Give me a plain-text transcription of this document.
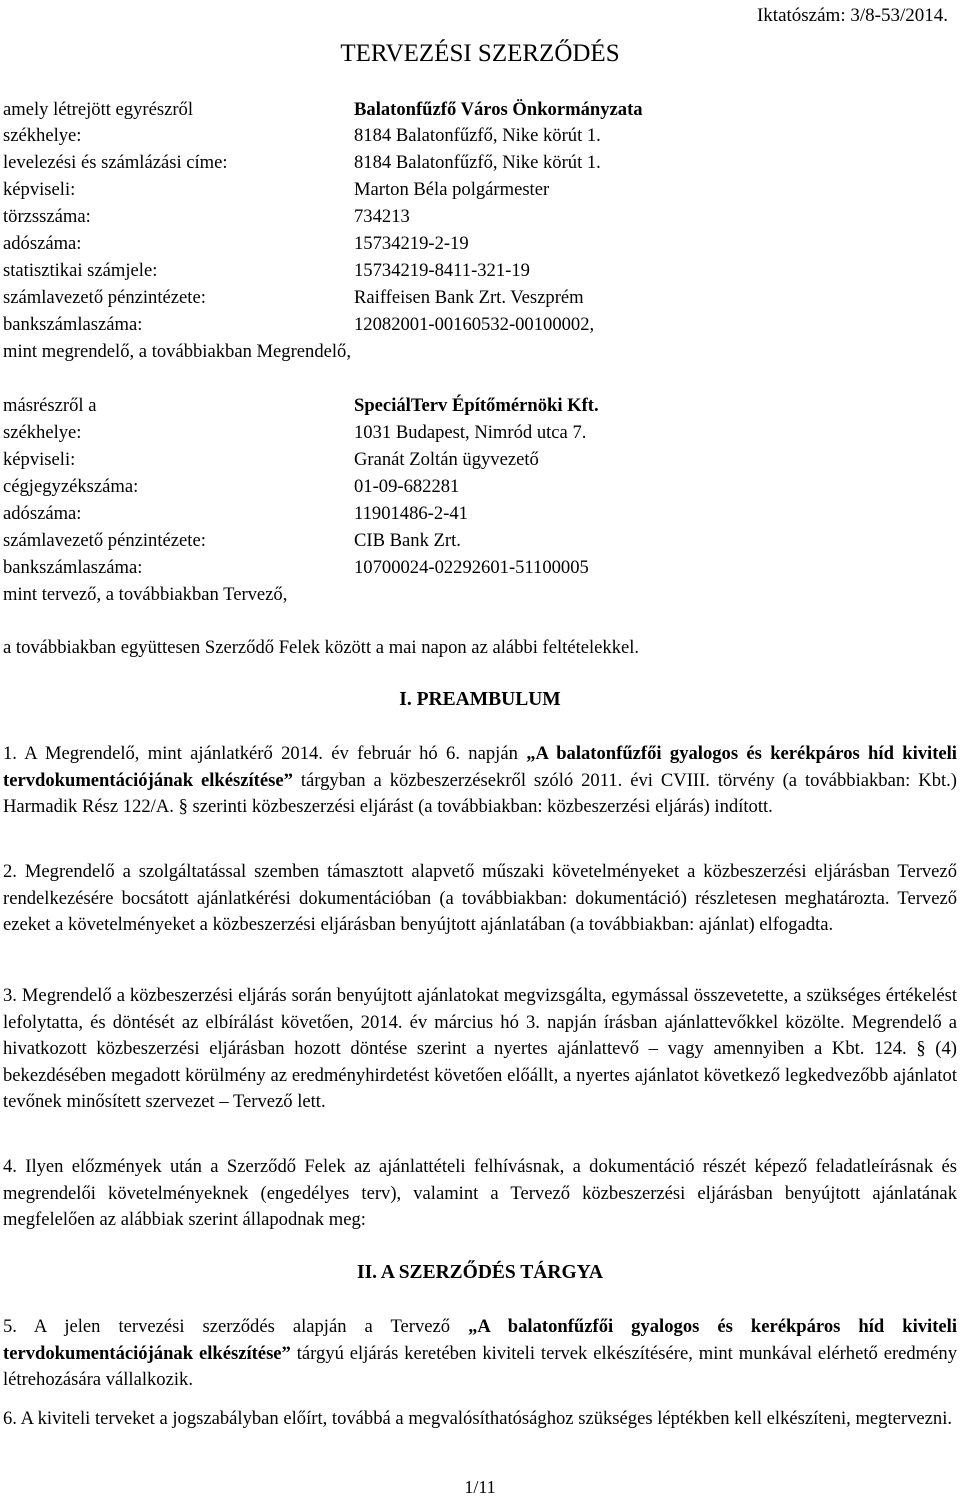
Iktatószám: 3/8-53/2014.
TERVEZÉSI SZERZŐDÉS
amely létrejött egyrészről	Balatonfűzfő Város Önkormányzata
székhelye:	8184 Balatonfűzfő, Nike körút 1.
levelezési és számlázási címe:	8184 Balatonfűzfő, Nike körút 1.
képviseli:	Marton Béla polgármester
törzsszáma:	734213
adószáma:	15734219-2-19
statisztikai számjele:	15734219-8411-321-19
számlavezető pénzintézete:	Raiffeisen Bank Zrt. Veszprém
bankszámlaszáma:	12082001-00160532-00100002,
mint megrendelő, a továbbiakban Megrendelő,
másrészről a	SpeciálTerv Építőmérnöki Kft.
székhelye:	1031 Budapest, Nimród utca 7.
képviseli:	Granát Zoltán ügyvezető
cégjegyzékszáma:	01-09-682281
adószáma:	11901486-2-41
számlavezető pénzintézete:	CIB Bank Zrt.
bankszámlaszáma:	10700024-02292601-51100005
mint tervező, a továbbiakban Tervező,
a továbbiakban együttesen Szerződő Felek között a mai napon az alábbi feltételekkel.
I. PREAMBULUM
1. A Megrendelő, mint ajánlatkérő 2014. év február hó 6. napján „A balatonfűzfői gyalogos és kerékpáros híd kiviteli tervdokumentációjának elkészítése” tárgyban a közbeszerzésekről szóló 2011. évi CVIII. törvény (a továbbiakban: Kbt.) Harmadik Rész 122/A. § szerinti közbeszerzési eljárást (a továbbiakban: közbeszerzési eljárás) indított.
2. Megrendelő a szolgáltatással szemben támasztott alapvető műszaki követelményeket a közbeszerzési eljárásban Tervező rendelkezésére bocsátott ajánlatkérési dokumentációban (a továbbiakban: dokumentáció) részletesen meghatározta. Tervező ezeket a követelményeket a közbeszerzési eljárásban benyújtott ajánlatában (a továbbiakban: ajánlat) elfogadta.
3. Megrendelő a közbeszerzési eljárás során benyújtott ajánlatokat megvizsgálta, egymással összevetette, a szükséges értékelést lefolytatta, és döntését az elbírálást követően, 2014. év március hó 3. napján írásban ajánlattevőkkel közölte. Megrendelő a hivatkozott közbeszerzési eljárásban hozott döntése szerint a nyertes ajánlattevő – vagy amennyiben a Kbt. 124. § (4) bekezdésében megadott körülmény az eredményhirdetést követően előállt, a nyertes ajánlatot következő legkedvezőbb ajánlatot tevőnek minősített szervezet – Tervező lett.
4. Ilyen előzmények után a Szerződő Felek az ajánlattételi felhívásnak, a dokumentáció részét képező feladatleírásnak és megrendelői követelményeknek (engedélyes terv), valamint a Tervező közbeszerzési eljárásban benyújtott ajánlatának megfelelően az alábbiak szerint állapodnak meg:
II. A SZERZŐDÉS TÁRGYA
5. A jelen tervezési szerződés alapján a Tervező „A balatonfűzfői gyalogos és kerékpáros híd kiviteli tervdokumentációjának elkészítése” tárgyú eljárás keretében kiviteli tervek elkészítésére, mint munkával elérhető eredmény létrehozására vállalkozik.
6. A kiviteli terveket a jogszabályban előírt, továbbá a megvalósíthatósághoz szükséges léptékben kell elkészíteni, megtervezni.
1/11
